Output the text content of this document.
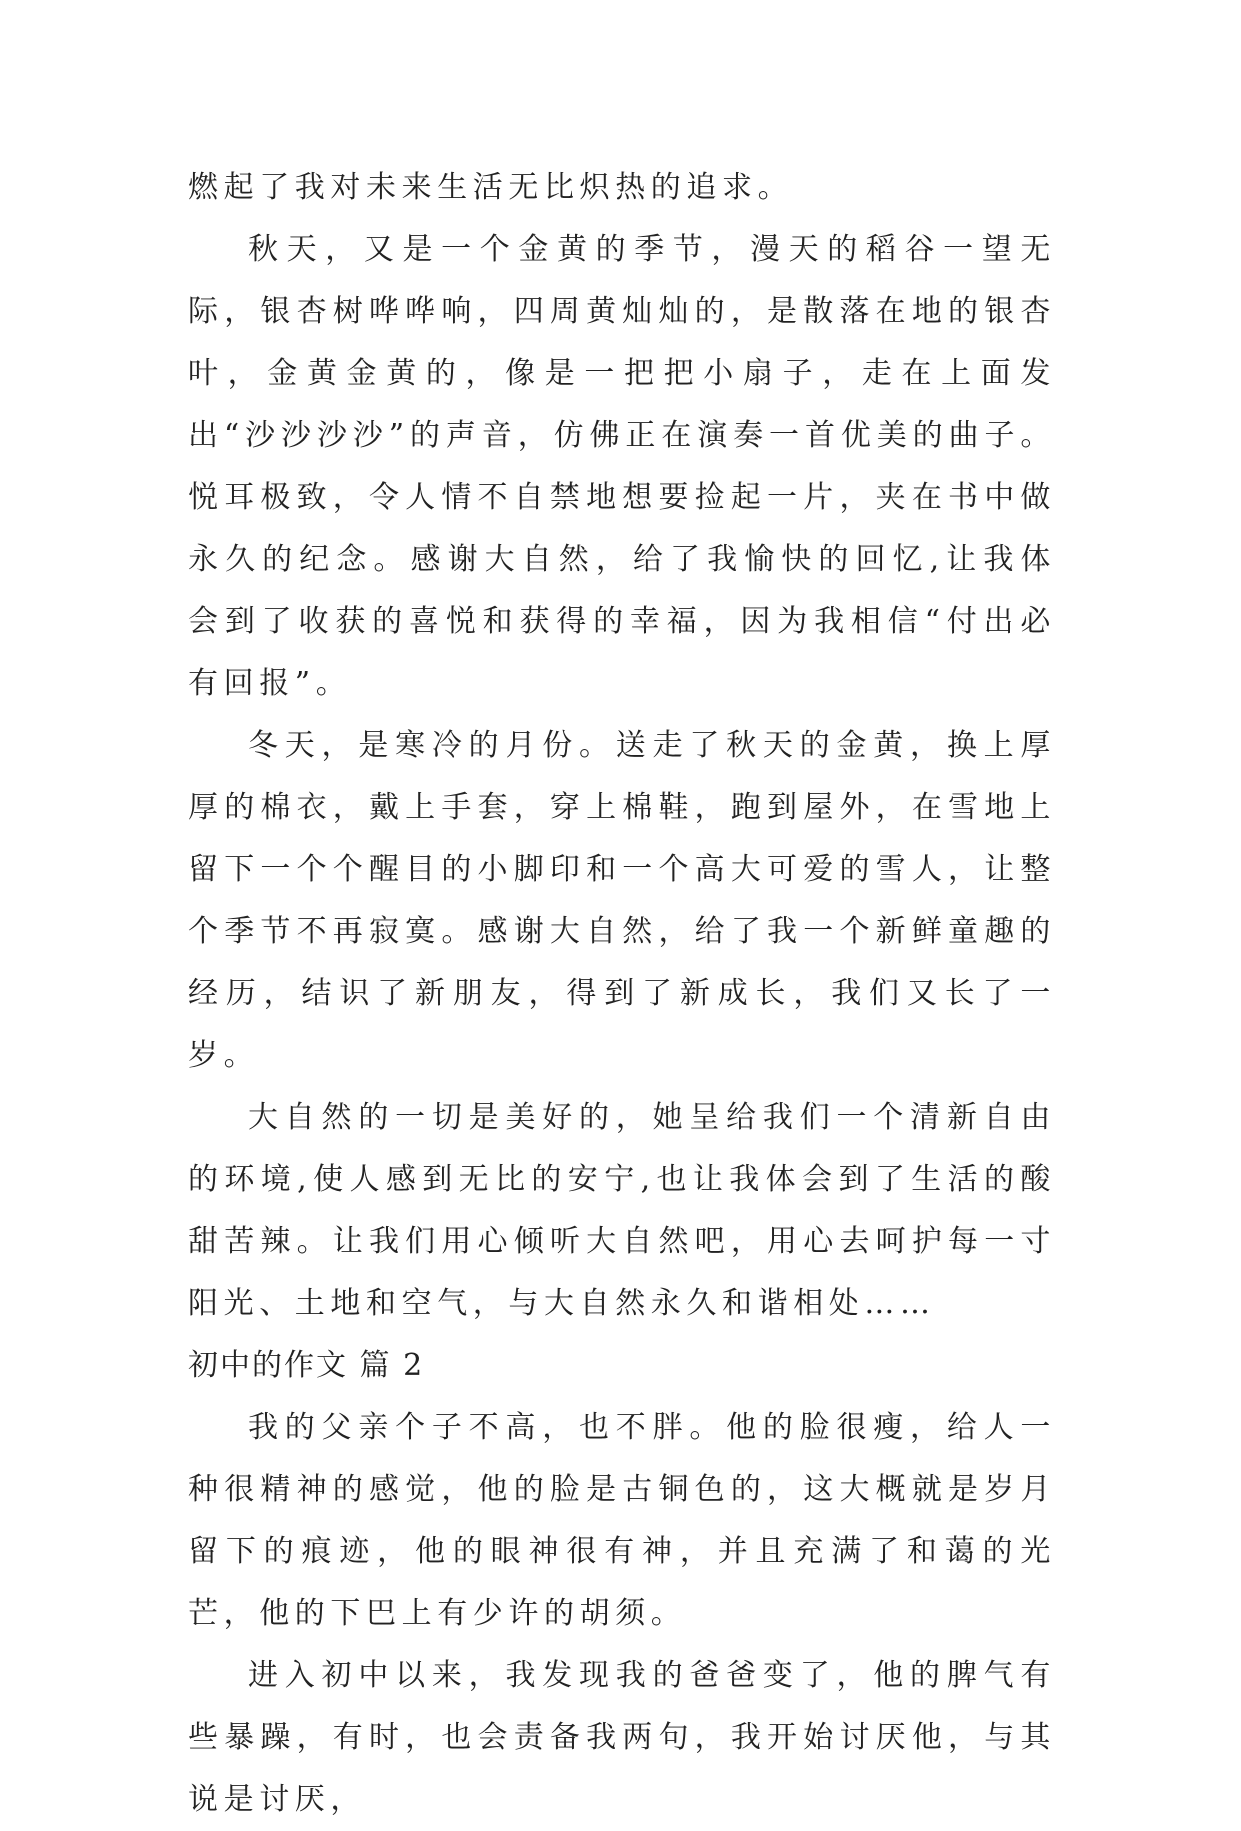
燃起了我对未来生活无比炽热的追求。

秋天，又是一个金黄的季节，漫天的稻谷一望无际，银杏树哗哗响，四周黄灿灿的，是散落在地的银杏叶，金黄金黄的，像是一把把小扇子，走在上面发出“沙沙沙沙”的声音，仿佛正在演奏一首优美的曲子。悦耳极致，令人情不自禁地想要捡起一片，夹在书中做永久的纪念。感谢大自然，给了我愉快的回忆,让我体会到了收获的喜悦和获得的幸福，因为我相信“付出必有回报”。

冬天，是寒冷的月份。送走了秋天的金黄，换上厚厚的棉衣，戴上手套，穿上棉鞋，跑到屋外，在雪地上留下一个个醒目的小脚印和一个高大可爱的雪人，让整个季节不再寂寞。感谢大自然，给了我一个新鲜童趣的经历，结识了新朋友，得到了新成长，我们又长了一岁。

大自然的一切是美好的，她呈给我们一个清新自由的环境,使人感到无比的安宁,也让我体会到了生活的酸甜苦辣。让我们用心倾听大自然吧，用心去呵护每一寸阳光、土地和空气，与大自然永久和谐相处……

初中的作文 篇 2

我的父亲个子不高，也不胖。他的脸很瘦，给人一种很精神的感觉，他的脸是古铜色的，这大概就是岁月留下的痕迹，他的眼神很有神，并且充满了和蔼的光芒，他的下巴上有少许的胡须。

进入初中以来，我发现我的爸爸变了，他的脾气有些暴躁，有时，也会责备我两句，我开始讨厌他，与其说是讨厌，
